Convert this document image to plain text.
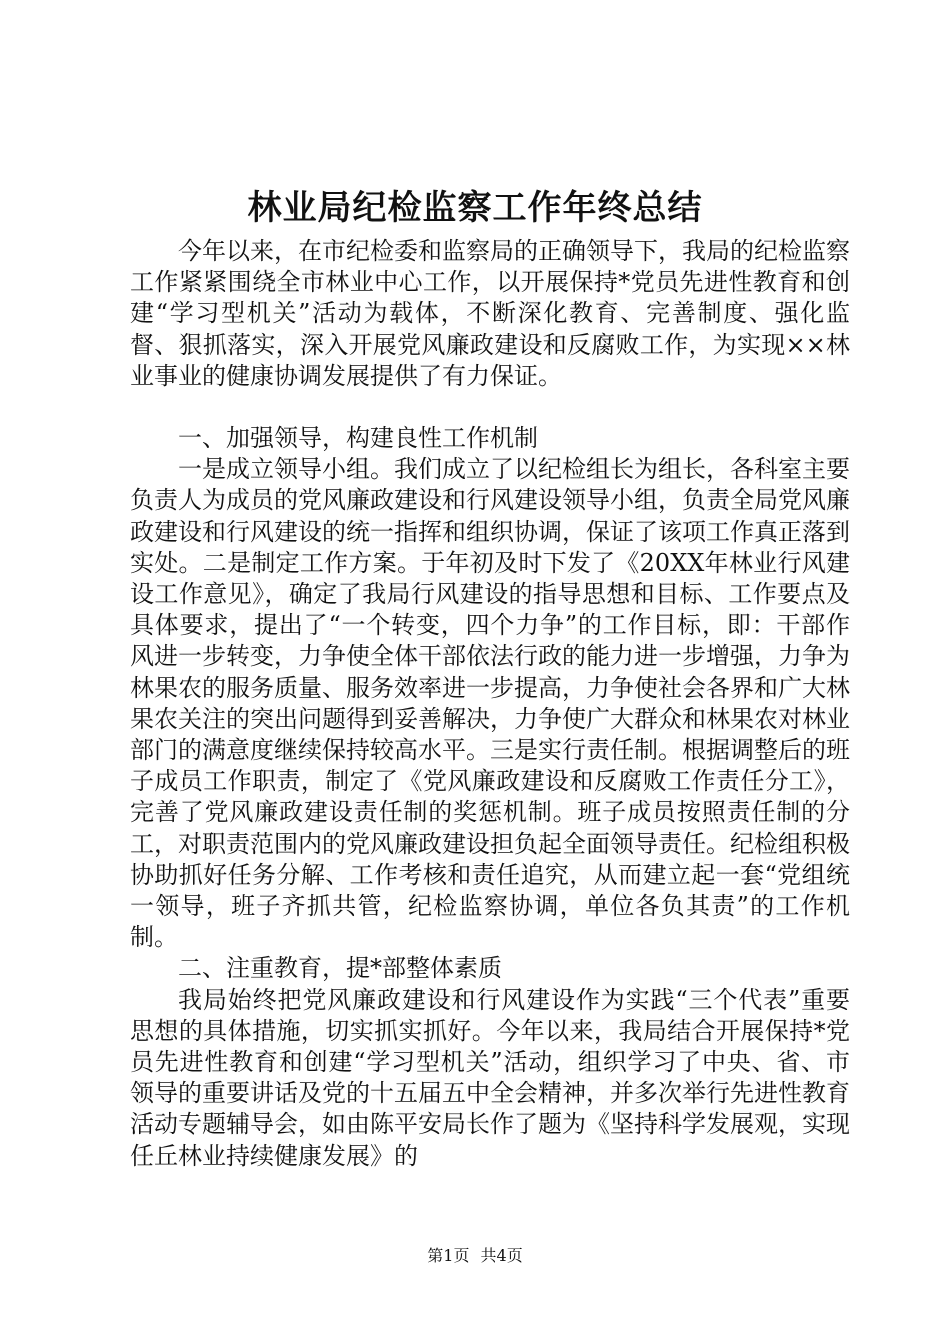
林业局纪检监察工作年终总结

今年以来，在市纪检委和监察局的正确领导下，我局的纪检监察工作紧紧围绕全市林业中心工作，以开展保持*党员先进性教育和创建“学习型机关”活动为载体，不断深化教育、完善制度、强化监督、狠抓落实，深入开展党风廉政建设和反腐败工作，为实现××林业事业的健康协调发展提供了有力保证。

一、加强领导，构建良性工作机制

一是成立领导小组。我们成立了以纪检组长为组长，各科室主要负责人为成员的党风廉政建设和行风建设领导小组，负责全局党风廉政建设和行风建设的统一指挥和组织协调，保证了该项工作真正落到实处。二是制定工作方案。于年初及时下发了《20XX年林业行风建设工作意见》，确定了我局行风建设的指导思想和目标、工作要点及具体要求，提出了“一个转变，四个力争”的工作目标，即：干部作风进一步转变，力争使全体干部依法行政的能力进一步增强，力争为林果农的服务质量、服务效率进一步提高，力争使社会各界和广大林果农关注的突出问题得到妥善解决，力争使广大群众和林果农对林业部门的满意度继续保持较高水平。三是实行责任制。根据调整后的班子成员工作职责，制定了《党风廉政建设和反腐败工作责任分工》，完善了党风廉政建设责任制的奖惩机制。班子成员按照责任制的分工，对职责范围内的党风廉政建设担负起全面领导责任。纪检组积极协助抓好任务分解、工作考核和责任追究，从而建立起一套“党组统一领导，班子齐抓共管，纪检监察协调，单位各负其责”的工作机制。

二、注重教育，提*部整体素质

我局始终把党风廉政建设和行风建设作为实践“三个代表”重要思想的具体措施，切实抓实抓好。今年以来，我局结合开展保持*党员先进性教育和创建“学习型机关”活动，组织学习了中央、省、市领导的重要讲话及党的十五届五中全会精神，并多次举行先进性教育活动专题辅导会，如由陈平安局长作了题为《坚持科学发展观，实现任丘林业持续健康发展》的

第1页 共4页
